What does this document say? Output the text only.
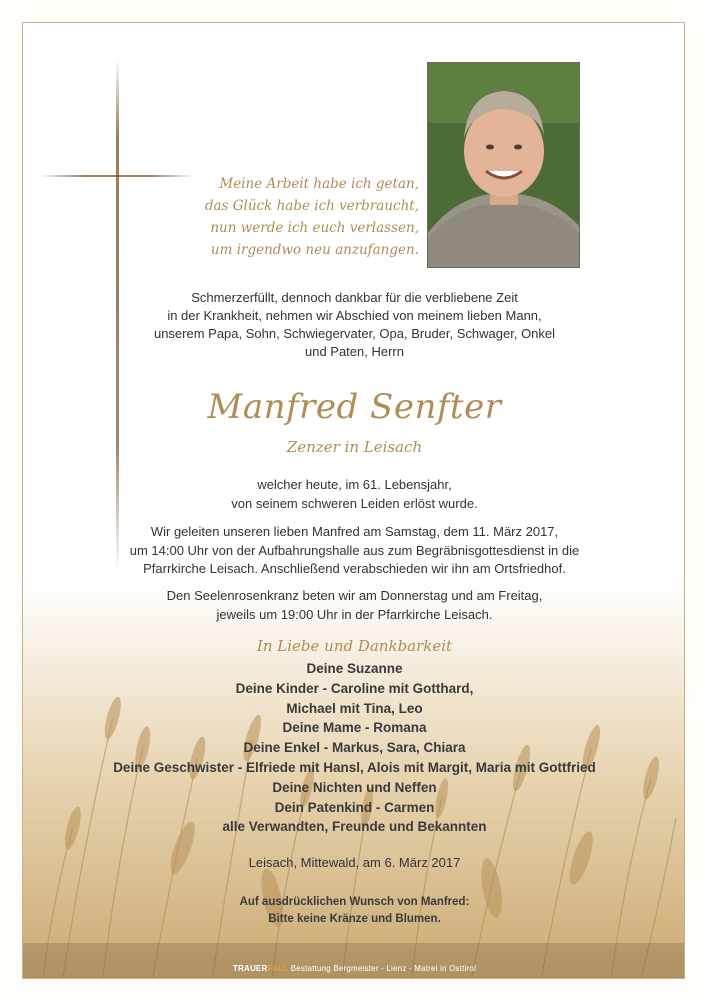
Meine Arbeit habe ich getan,
das Glück habe ich verbraucht,
nun werde ich euch verlassen,
um irgendwo neu anzufangen.
Schmerzerfüllt, dennoch dankbar für die verbliebene Zeit
in der Krankheit, nehmen wir Abschied von meinem lieben Mann,
unserem Papa, Sohn, Schwiegervater, Opa, Bruder, Schwager, Onkel
und Paten, Herrn
Manfred Senfter
Zenzer in Leisach
welcher heute, im 61. Lebensjahr,
von seinem schweren Leiden erlöst wurde.
Wir geleiten unseren lieben Manfred am Samstag, dem 11. März 2017,
um 14:00 Uhr von der Aufbahrungshalle aus zum Begräbnisgottesdienst in die
Pfarrkirche Leisach. Anschließend verabschieden wir ihn am Ortsfriedhof.
Den Seelenrosenkranz beten wir am Donnerstag und am Freitag,
jeweils um 19:00 Uhr in der Pfarrkirche Leisach.
In Liebe und Dankbarkeit
Deine Suzanne
Deine Kinder - Caroline mit Gotthard,
Michael mit Tina, Leo
Deine Mame - Romana
Deine Enkel - Markus, Sara, Chiara
Deine Geschwister - Elfriede mit Hansl, Alois mit Margit, Maria mit Gottfried
Deine Nichten und Neffen
Dein Patenkind - Carmen
alle Verwandten, Freunde und Bekannten
Leisach, Mittewald, am 6. März 2017
Auf ausdrücklichen Wunsch von Manfred:
Bitte keine Kränze und Blumen.
TRAUERFALL Bestattung Bergmeister - Lienz - Matrei in Osttirol
